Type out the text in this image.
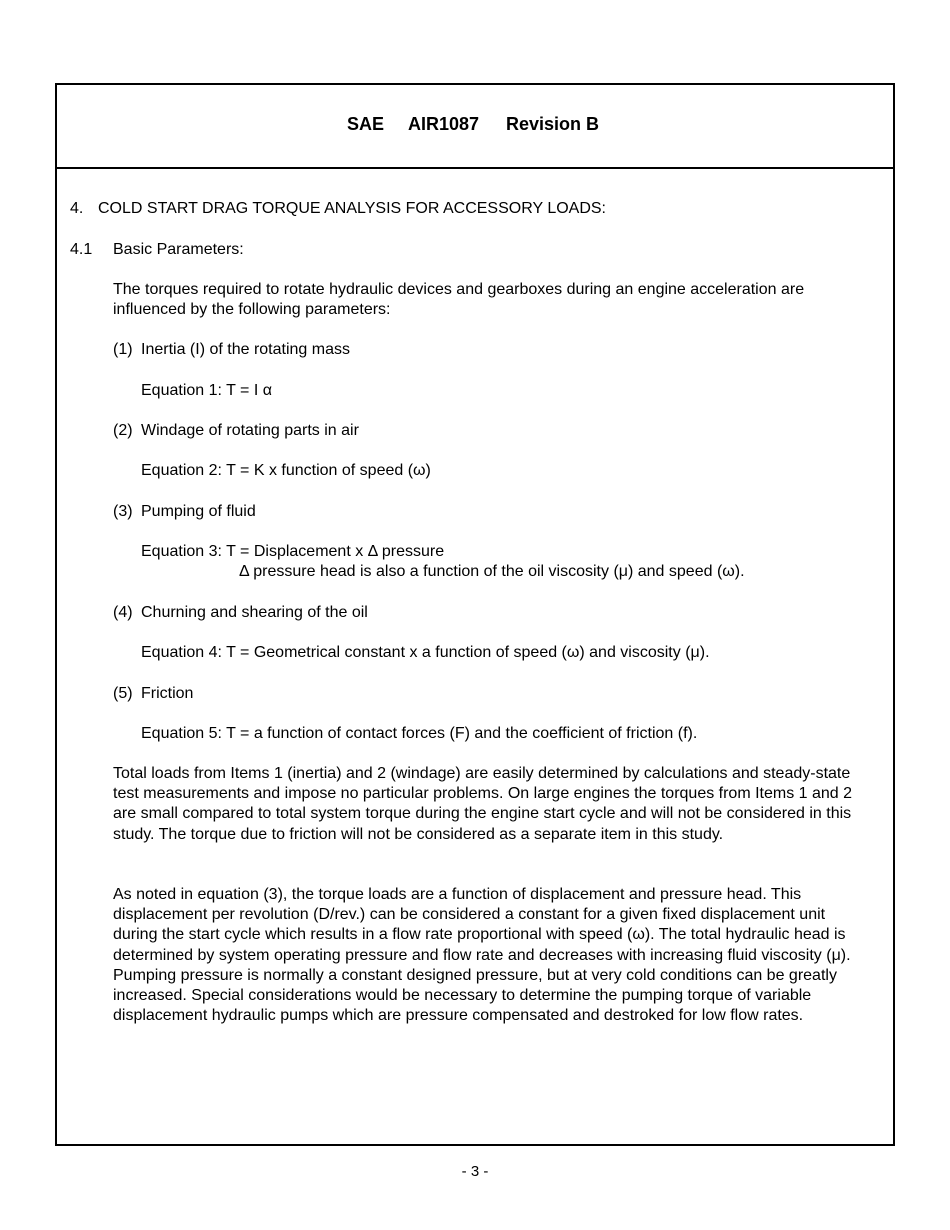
SAE AIR1087 Revision B
4. COLD START DRAG TORQUE ANALYSIS FOR ACCESSORY LOADS:
4.1 Basic Parameters:
The torques required to rotate hydraulic devices and gearboxes during an engine acceleration are
influenced by the following parameters:
(1) Inertia (I) of the rotating mass
Equation 1: T = I α
(2) Windage of rotating parts in air
Equation 2: T = K x function of speed (ω)
(3) Pumping of fluid
Equation 3: T = Displacement x Δ pressure
Δ pressure head is also a function of the oil viscosity (μ) and speed (ω).
(4) Churning and shearing of the oil
Equation 4: T = Geometrical constant x a function of speed (ω) and viscosity (μ).
(5) Friction
Equation 5: T = a function of contact forces (F) and the coefficient of friction (f).

Total loads from Items 1 (inertia) and 2 (windage) are easily determined by calculations and steady-state test measurements and impose no particular problems. On large engines the torques from Items 1 and 2 are small compared to total system torque during the engine start cycle and will not be considered in this study. The torque due to friction will not be considered as a separate item in this study.

As noted in equation (3), the torque loads are a function of displacement and pressure head. This displacement per revolution (D/rev.) can be considered a constant for a given fixed displacement unit during the start cycle which results in a flow rate proportional with speed (ω). The total hydraulic head is determined by system operating pressure and flow rate and decreases with increasing fluid viscosity (μ). Pumping pressure is normally a constant designed pressure, but at very cold conditions can be greatly increased. Special considerations would be necessary to determine the pumping torque of variable displacement hydraulic pumps which are pressure compensated and destroked for low flow rates.

- 3 -
